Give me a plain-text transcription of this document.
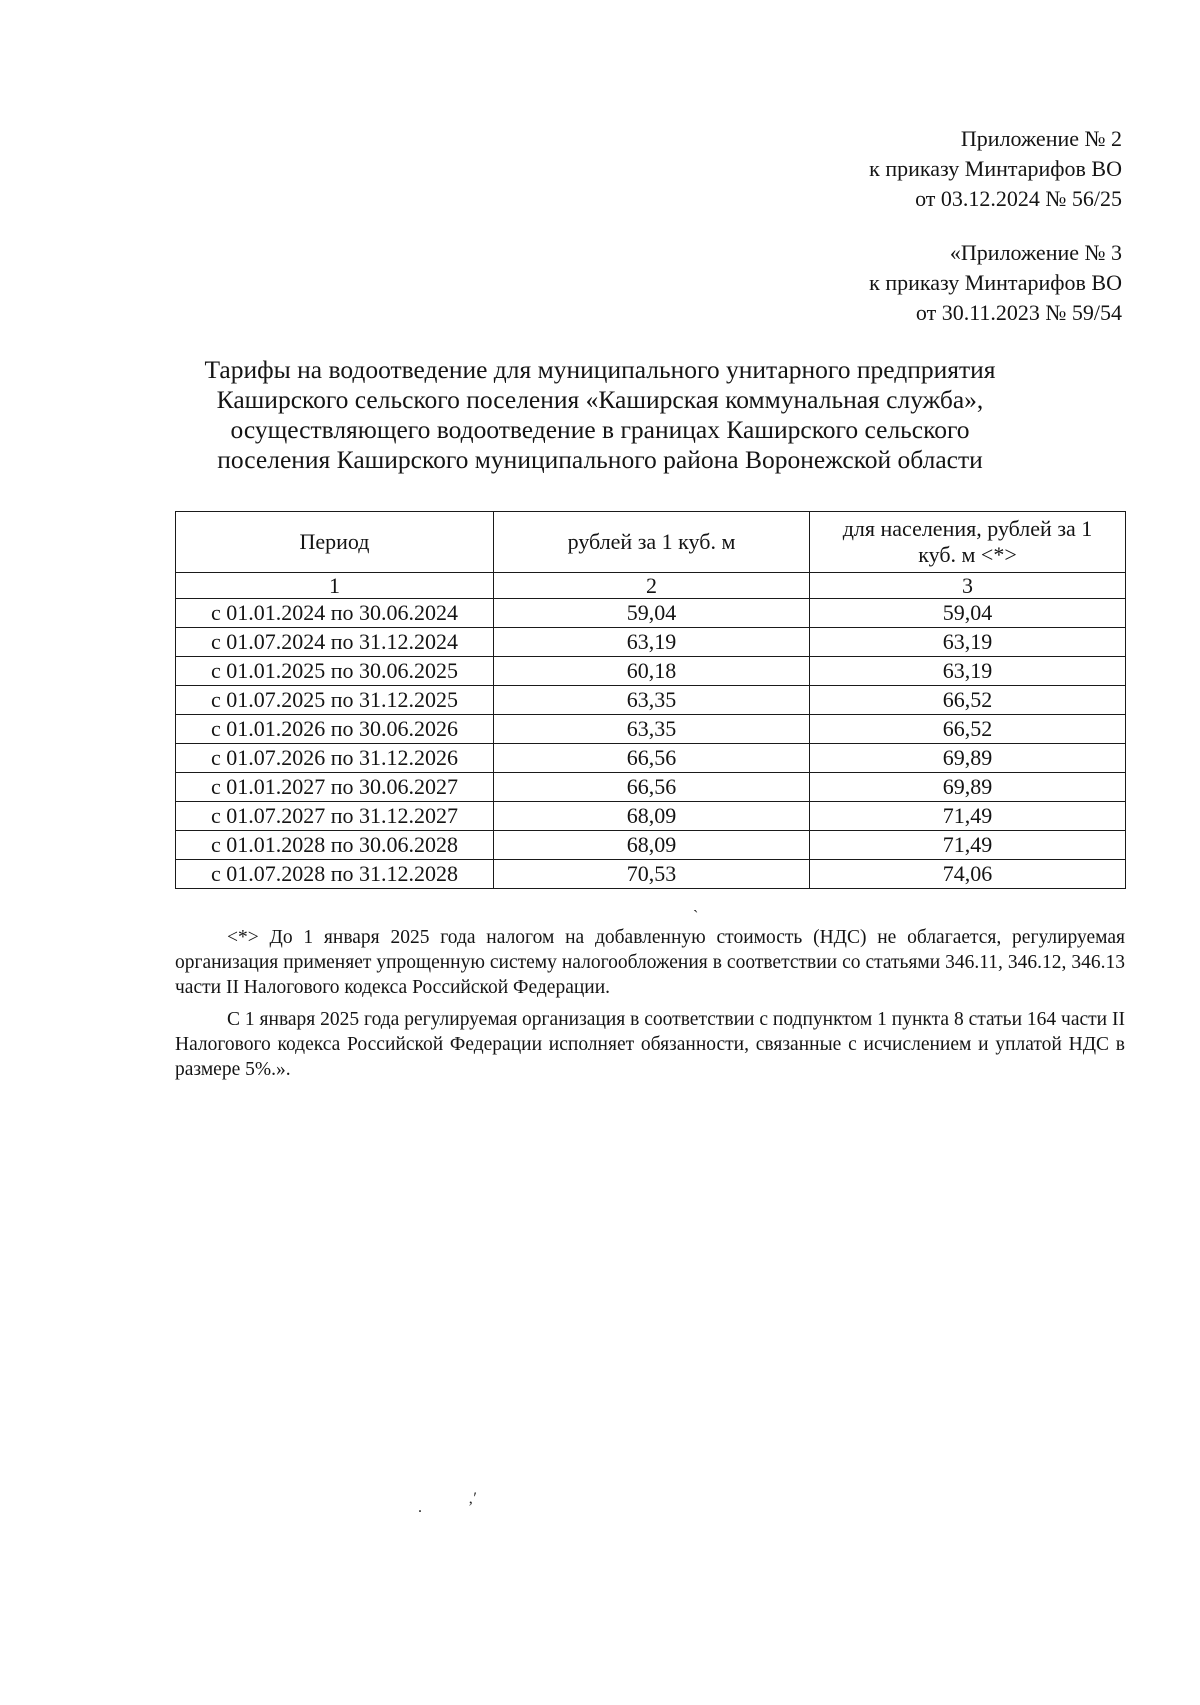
Приложение № 2
к приказу Минтарифов ВО
от 03.12.2024 № 56/25
«Приложение № 3
к приказу Минтарифов ВО
от 30.11.2023 № 59/54
Тарифы на водоотведение для муниципального унитарного предприятия
Каширского сельского поселения «Каширская коммунальная служба»,
осуществляющего водоотведение в границах Каширского сельского
поселения Каширского муниципального района Воронежской области
Период	рублей за 1 куб. м	для населения, рублей за 1 куб. м <*>
1	2	3
с 01.01.2024 по 30.06.2024	59,04	59,04
с 01.07.2024 по 31.12.2024	63,19	63,19
с 01.01.2025 по 30.06.2025	60,18	63,19
с 01.07.2025 по 31.12.2025	63,35	66,52
с 01.01.2026 по 30.06.2026	63,35	66,52
с 01.07.2026 по 31.12.2026	66,56	69,89
с 01.01.2027 по 30.06.2027	66,56	69,89
с 01.07.2027 по 31.12.2027	68,09	71,49
с 01.01.2028 по 30.06.2028	68,09	71,49
с 01.07.2028 по 31.12.2028	70,53	74,06

<*> До 1 января 2025 года налогом на добавленную стоимость (НДС) не облагается, регулируемая организация применяет упрощенную систему налогообложения в соответствии со статьями 346.11, 346.12, 346.13 части II Налогового кодекса Российской Федерации.

С 1 января 2025 года регулируемая организация в соответствии с подпунктом 1 пункта 8 статьи 164 части II Налогового кодекса Российской Федерации исполняет обязанности, связанные с исчислением и уплатой НДС в размере 5%.».

`
.
‚′
